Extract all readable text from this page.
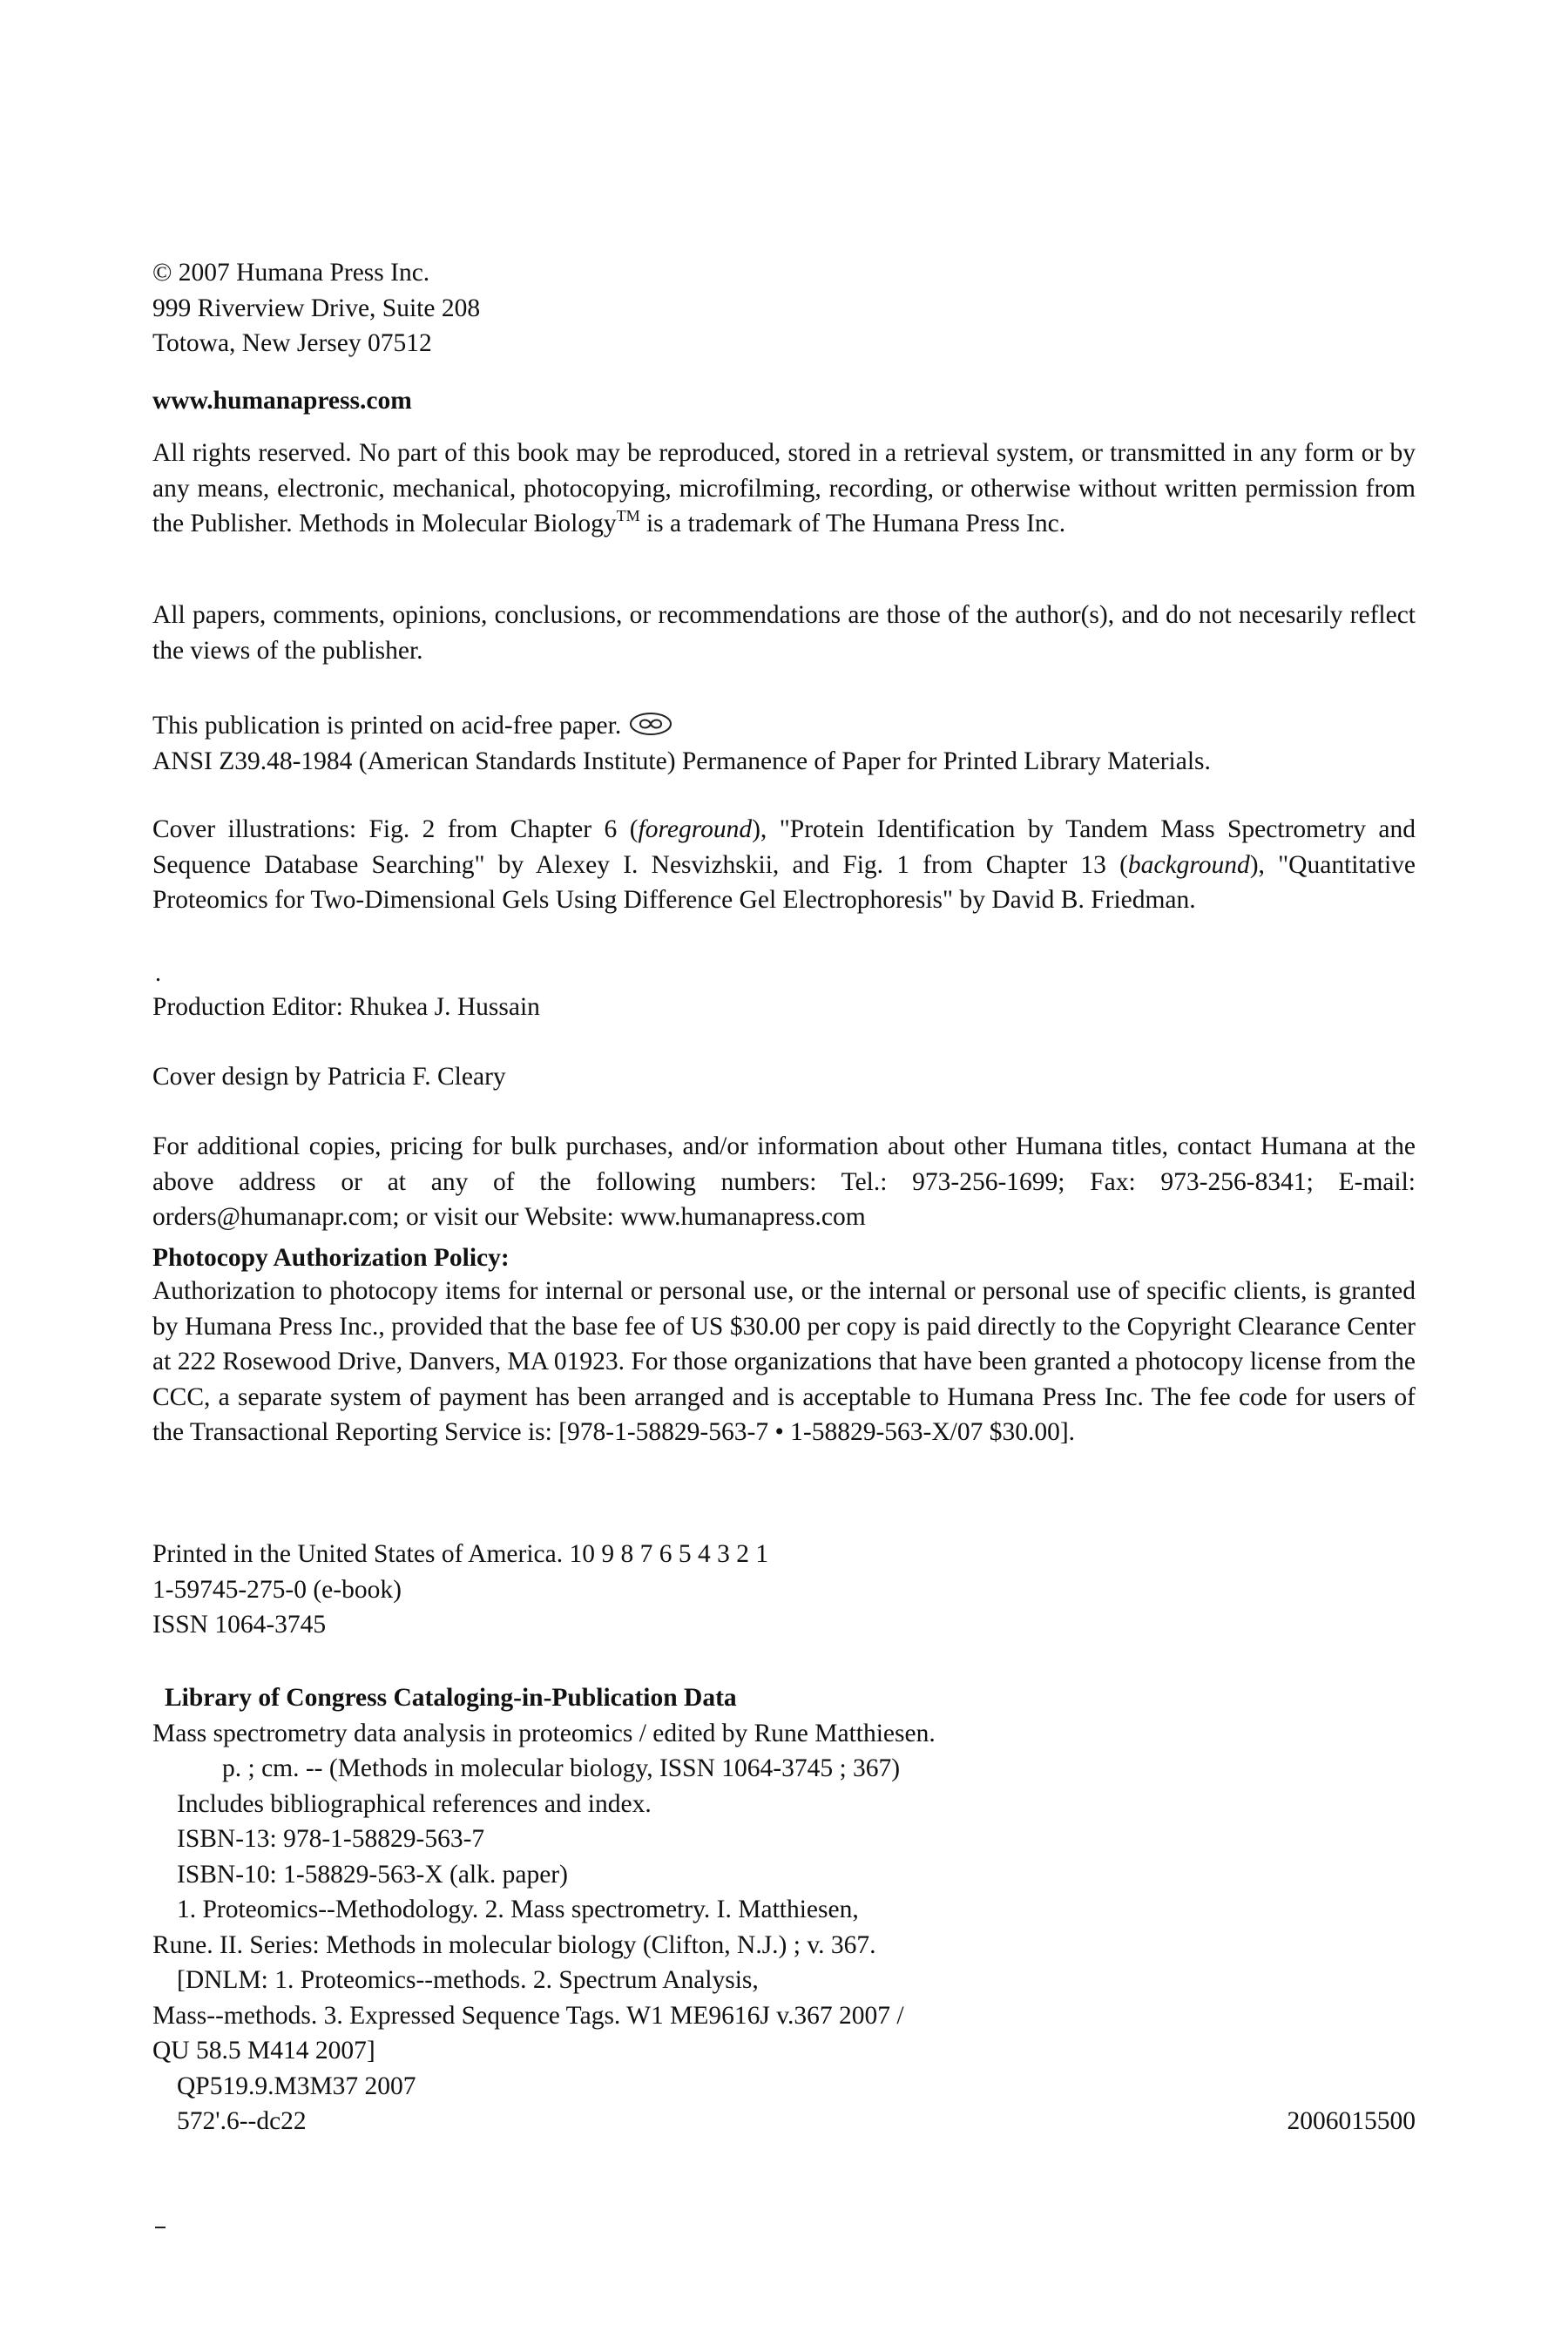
© 2007 Humana Press Inc.

999 Riverview Drive, Suite 208

Totowa, New Jersey 07512

www.humanapress.com

All rights reserved. No part of this book may be reproduced, stored in a retrieval system, or transmitted in any form or by any means, electronic, mechanical, photocopying, microfilming, recording, or otherwise without written permission from the Publisher. Methods in Molecular Biology™ is a trademark of The Humana Press Inc.

All papers, comments, opinions, conclusions, or recommendations are those of the author(s), and do not necesarily reflect the views of the publisher.

This publication is printed on acid-free paper.

ANSI Z39.48-1984 (American Standards Institute) Permanence of Paper for Printed Library Materials.

Cover illustrations: Fig. 2 from Chapter 6 (foreground), "Protein Identification by Tandem Mass Spectrometry and Sequence Database Searching" by Alexey I. Nesvizhskii, and Fig. 1 from Chapter 13 (background), "Quantitative Proteomics for Two-Dimensional Gels Using Difference Gel Electrophoresis" by David B. Friedman.

.

Production Editor: Rhukea J. Hussain

Cover design by Patricia F. Cleary

For additional copies, pricing for bulk purchases, and/or information about other Humana titles, contact Humana at the above address or at any of the following numbers: Tel.: 973-256-1699; Fax: 973-256-8341; E-mail: orders@humanapr.com; or visit our Website: www.humanapress.com

Photocopy Authorization Policy:

Authorization to photocopy items for internal or personal use, or the internal or personal use of specific clients, is granted by Humana Press Inc., provided that the base fee of US $30.00 per copy is paid directly to the Copyright Clearance Center at 222 Rosewood Drive, Danvers, MA 01923. For those organizations that have been granted a photocopy license from the CCC, a separate system of payment has been arranged and is acceptable to Humana Press Inc. The fee code for users of the Transactional Reporting Service is: [978-1-58829-563-7 • 1-58829-563-X/07 $30.00].

Printed in the United States of America. 10 9 8 7 6 5 4 3 2 1

1-59745-275-0 (e-book)

ISSN 1064-3745

Library of Congress Cataloging-in-Publication Data

Mass spectrometry data analysis in proteomics / edited by Rune Matthiesen.

p. ; cm. -- (Methods in molecular biology, ISSN 1064-3745 ; 367)

Includes bibliographical references and index.

ISBN-13: 978-1-58829-563-7

ISBN-10: 1-58829-563-X (alk. paper)

1. Proteomics--Methodology. 2. Mass spectrometry. I. Matthiesen,

Rune. II. Series: Methods in molecular biology (Clifton, N.J.) ; v. 367.

[DNLM: 1. Proteomics--methods. 2. Spectrum Analysis,

Mass--methods. 3. Expressed Sequence Tags. W1 ME9616J v.367 2007 /

QU 58.5 M414 2007]

QP519.9.M3M37 2007

572'.6--dc22	2006015500
